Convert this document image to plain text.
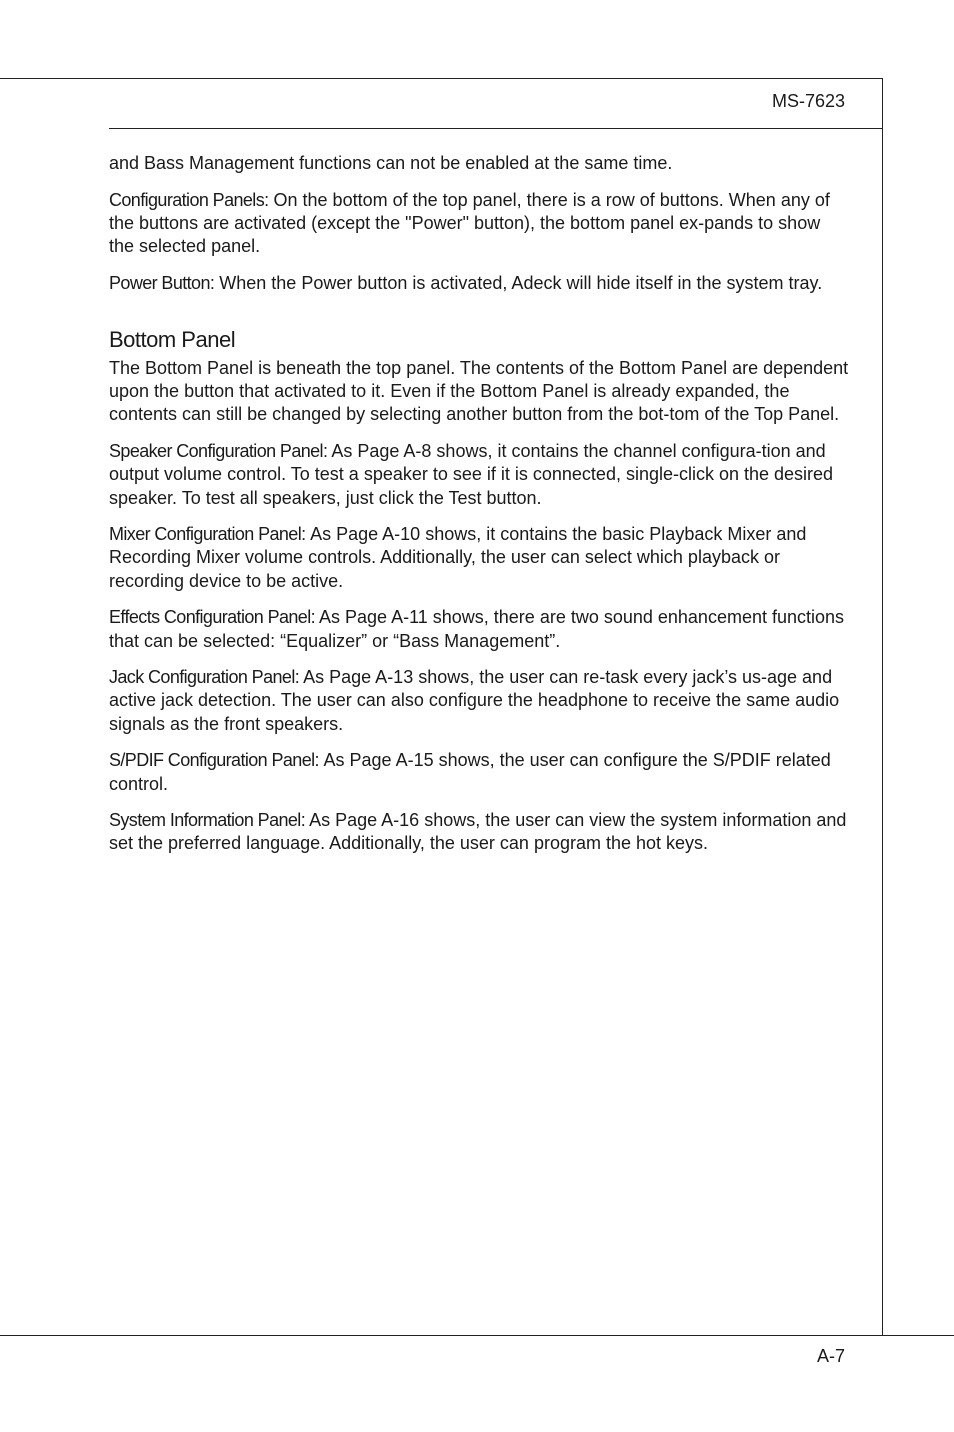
MS-7623

and Bass Management functions can not be enabled at the same time.

Configuration Panels: On the bottom of the top panel, there is a row of buttons. When any of the buttons are activated (except the "Power" button), the bottom panel ex-pands to show the selected panel.

Power Button: When the Power button is activated, Adeck will hide itself in the system tray.

Bottom Panel

The Bottom Panel is beneath the top panel. The contents of the Bottom Panel are dependent upon the button that activated to it. Even if the Bottom Panel is already expanded, the contents can still be changed by selecting another button from the bot-tom of the Top Panel.

Speaker Configuration Panel: As Page A-8 shows, it contains the channel configura-tion and output volume control. To test a speaker to see if it is connected, single-click on the desired speaker. To test all speakers, just click the Test button.

Mixer Configuration Panel: As Page A-10 shows, it contains the basic Playback Mixer and Recording Mixer volume controls. Additionally, the user can select which playback or recording device to be active.

Effects Configuration Panel: As Page A-11 shows, there are two sound enhancement functions that can be selected: “Equalizer” or “Bass Management”.

Jack Configuration Panel: As Page A-13 shows, the user can re-task every jack’s us-age and active jack detection. The user can also configure the headphone to receive the same audio signals as the front speakers.

S/PDIF Configuration Panel: As Page A-15 shows, the user can configure the S/PDIF related control.

System Information Panel: As Page A-16 shows, the user can view the system information and set the preferred language. Additionally, the user can program the hot keys.

A-7
